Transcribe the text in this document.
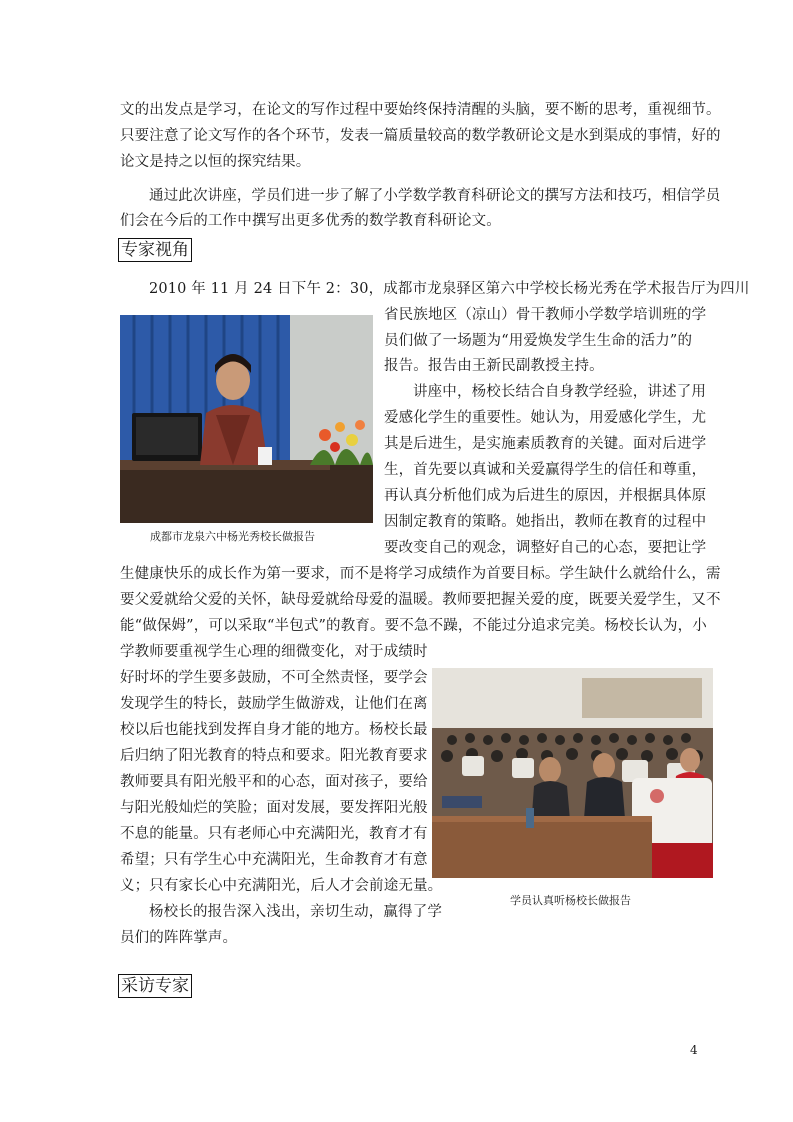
文的出发点是学习，在论文的写作过程中要始终保持清醒的头脑，要不断的思考，重视细节。
只要注意了论文写作的各个环节，发表一篇质量较高的数学教研论文是水到渠成的事情，好的
论文是持之以恒的探究结果。
通过此次讲座，学员们进一步了解了小学数学教育科研论文的撰写方法和技巧，相信学员
们会在今后的工作中撰写出更多优秀的数学教育科研论文。
专家视角
2010 年 11 月 24 日下午 2：30，成都市龙泉驿区第六中学校长杨光秀在学术报告厅为四川
省民族地区（凉山）骨干教师小学数学培训班的学
员们做了一场题为“用爱焕发学生生命的活力”的
报告。报告由王新民副教授主持。
讲座中，杨校长结合自身教学经验，讲述了用
爱感化学生的重要性。她认为，用爱感化学生，尤
其是后进生，是实施素质教育的关键。面对后进学
生，首先要以真诚和关爱赢得学生的信任和尊重，
再认真分析他们成为后进生的原因，并根据具体原
因制定教育的策略。她指出，教师在教育的过程中
要改变自己的观念，调整好自己的心态，要把让学
生健康快乐的成长作为第一要求，而不是将学习成绩作为首要目标。学生缺什么就给什么，需
要父爱就给父爱的关怀，缺母爱就给母爱的温暖。教师要把握关爱的度，既要关爱学生，又不
能“做保姆”，可以采取“半包式”的教育。要不急不躁，不能过分追求完美。杨校长认为，小
学教师要重视学生心理的细微变化，对于成绩时
好时坏的学生要多鼓励，不可全然责怪，要学会
发现学生的特长，鼓励学生做游戏，让他们在离
校以后也能找到发挥自身才能的地方。杨校长最
后归纳了阳光教育的特点和要求。阳光教育要求
教师要具有阳光般平和的心态，面对孩子，要给
与阳光般灿烂的笑脸；面对发展，要发挥阳光般
不息的能量。只有老师心中充满阳光，教育才有
希望；只有学生心中充满阳光，生命教育才有意
义；只有家长心中充满阳光，后人才会前途无量。
杨校长的报告深入浅出，亲切生动，赢得了学
员们的阵阵掌声。
成都市龙泉六中杨光秀校长做报告
学员认真听杨校长做报告
采访专家
4
